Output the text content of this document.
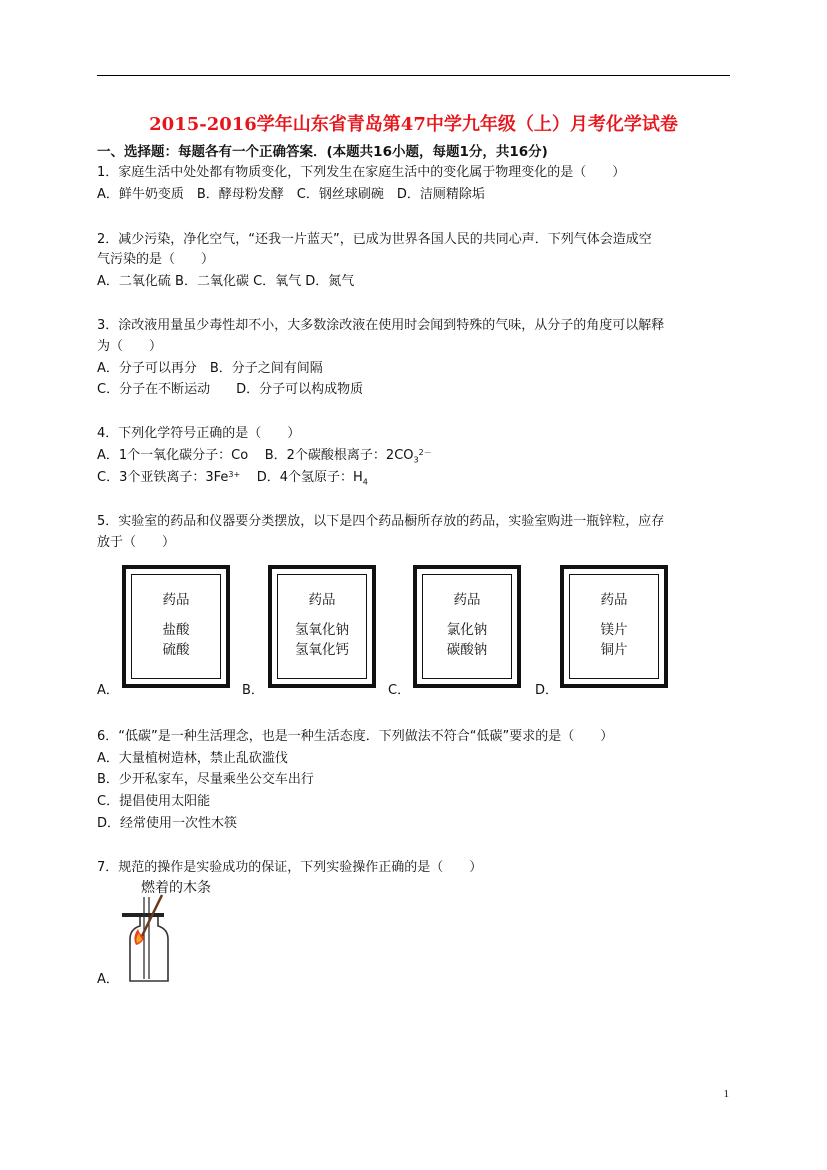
2015-2016学年山东省青岛第47中学九年级（上）月考化学试卷
一、选择题：每题各有一个正确答案．(本题共16小题，每题1分，共16分)
1．家庭生活中处处都有物质变化，下列发生在家庭生活中的变化属于物理变化的是（　　）
A．鲜牛奶变质　B．酵母粉发酵　C．钢丝球刷碗　D．洁厕精除垢
2．减少污染，净化空气，“还我一片蓝天”，已成为世界各国人民的共同心声．下列气体会造成空
气污染的是（　　）
A．二氧化硫 B．二氧化碳 C．氧气 D．氮气
3．涂改液用量虽少毒性却不小，大多数涂改液在使用时会闻到特殊的气味，从分子的角度可以解释
为（　　）
A．分子可以再分　B．分子之间有间隔
C．分子在不断运动　　D．分子可以构成物质
4．下列化学符号正确的是（　　）
A．1个一氧化碳分子：Co B．2个碳酸根离子：$2CO_3^{2-}$
C．3个亚铁离子：$3Fe^{3+}$ D．4个氢原子：$H_4$
5．实验室的药品和仪器要分类摆放，以下是四个药品橱所存放的药品，实验室购进一瓶锌粒，应存
放于（　　）
A．
药品
盐酸
硫酸
B．
药品
氢氧化钠
氢氧化钙
C．
药品
氯化钠
碳酸钠
D．
药品
镁片
铜片
6．“低碳”是一种生活理念，也是一种生活态度．下列做法不符合“低碳”要求的是（　　）
A．大量植树造林，禁止乱砍滥伐
B．少开私家车，尽量乘坐公交车出行
C．提倡使用太阳能
D．经常使用一次性木筷
7．规范的操作是实验成功的保证，下列实验操作正确的是（　　）
燃着的木条
A．
1
